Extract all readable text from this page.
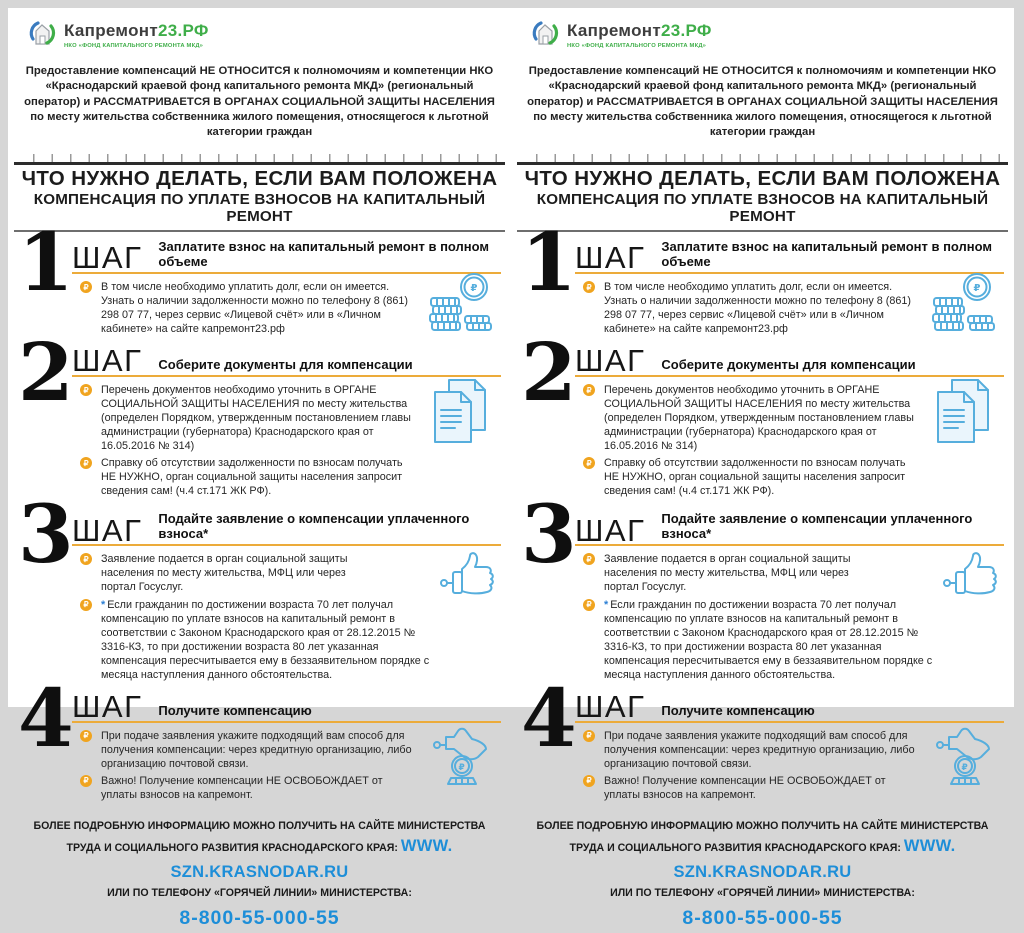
Капремонт23.РФ
НКО «ФОНД КАПИТАЛЬНОГО РЕМОНТА МКД»
Предоставление компенсаций НЕ ОТНОСИТСЯ к полномочиям и компетенции НКО «Краснодарский краевой фонд капитального ремонта МКД» (региональный оператор) и РАССМАТРИВАЕТСЯ В ОРГАНАХ СОЦИАЛЬНОЙ ЗАЩИТЫ НАСЕЛЕНИЯ по месту жительства собственника жилого помещения, относящегося к льготной категории граждан
ЧТО НУЖНО ДЕЛАТЬ, ЕСЛИ ВАМ ПОЛОЖЕНА
КОМПЕНСАЦИЯ ПО УПЛАТЕ ВЗНОСОВ НА КАПИТАЛЬНЫЙ РЕМОНТ
1
ШАГ Заплатите взнос на капитальный ремонт в полном объеме
₽	В том числе необходимо уплатить долг, если он имеется. Узнать о наличии задолженности можно по телефону 8 (861) 298 07 77, через сервис «Лицевой счёт» или в «Личном кабинете» на сайте капремонт23.рф
₽
2
ШАГ Соберите документы для компенсации
₽	Перечень документов необходимо уточнить в ОРГАНЕ СОЦИАЛЬНОЙ ЗАЩИТЫ НАСЕЛЕНИЯ по месту жительства (определен Порядком, утвержденным постановлением главы администрации (губернатора) Краснодарского края от 16.05.2016 № 314)
₽	Справку об отсутствии задолженности по взносам получать НЕ НУЖНО, орган социальной защиты населения запросит сведения сам! (ч.4 ст.171 ЖК РФ).
3
ШАГ Подайте заявление о компенсации уплаченного взноса*
₽	Заявление подается в орган социальной защиты населения по месту жительства, МФЦ или через портал Госуслуг.
₽	* Если гражданин по достижении возраста 70 лет получал компенсацию по уплате взносов на капитальный ремонт в соответствии с Законом Краснодарского края от 28.12.2015 № 3316-КЗ, то при достижении возраста 80 лет указанная компенсация пересчитывается ему в беззаявительном порядке с месяца наступления данного обстоятельства.
4
ШАГ Получите компенсацию
₽	При подаче заявления укажите подходящий вам способ для получения компенсации: через кредитную организацию, либо организацию почтовой связи.
₽	Важно! Получение компенсации НЕ ОСВОБОЖДАЕТ от уплаты взносов на капремонт.
₽
БОЛЕЕ ПОДРОБНУЮ ИНФОРМАЦИЮ МОЖНО ПОЛУЧИТЬ НА САЙТЕ МИНИСТЕРСТВА ТРУДА И СОЦИАЛЬНОГО РАЗВИТИЯ КРАСНОДАРСКОГО КРАЯ: WWW. SZN.KRASNODAR.RU
ИЛИ ПО ТЕЛЕФОНУ «ГОРЯЧЕЙ ЛИНИИ» МИНИСТЕРСТВА:
8-800-55-000-55
Капремонт23.РФ
НКО «ФОНД КАПИТАЛЬНОГО РЕМОНТА МКД»
Предоставление компенсаций НЕ ОТНОСИТСЯ к полномочиям и компетенции НКО «Краснодарский краевой фонд капитального ремонта МКД» (региональный оператор) и РАССМАТРИВАЕТСЯ В ОРГАНАХ СОЦИАЛЬНОЙ ЗАЩИТЫ НАСЕЛЕНИЯ по месту жительства собственника жилого помещения, относящегося к льготной категории граждан
ЧТО НУЖНО ДЕЛАТЬ, ЕСЛИ ВАМ ПОЛОЖЕНА
КОМПЕНСАЦИЯ ПО УПЛАТЕ ВЗНОСОВ НА КАПИТАЛЬНЫЙ РЕМОНТ
1
ШАГ Заплатите взнос на капитальный ремонт в полном объеме
₽	В том числе необходимо уплатить долг, если он имеется. Узнать о наличии задолженности можно по телефону 8 (861) 298 07 77, через сервис «Лицевой счёт» или в «Личном кабинете» на сайте капремонт23.рф
₽
2
ШАГ Соберите документы для компенсации
₽	Перечень документов необходимо уточнить в ОРГАНЕ СОЦИАЛЬНОЙ ЗАЩИТЫ НАСЕЛЕНИЯ по месту жительства (определен Порядком, утвержденным постановлением главы администрации (губернатора) Краснодарского края от 16.05.2016 № 314)
₽	Справку об отсутствии задолженности по взносам получать НЕ НУЖНО, орган социальной защиты населения запросит сведения сам! (ч.4 ст.171 ЖК РФ).
3
ШАГ Подайте заявление о компенсации уплаченного взноса*
₽	Заявление подается в орган социальной защиты населения по месту жительства, МФЦ или через портал Госуслуг.
₽	* Если гражданин по достижении возраста 70 лет получал компенсацию по уплате взносов на капитальный ремонт в соответствии с Законом Краснодарского края от 28.12.2015 № 3316-КЗ, то при достижении возраста 80 лет указанная компенсация пересчитывается ему в беззаявительном порядке с месяца наступления данного обстоятельства.
4
ШАГ Получите компенсацию
₽	При подаче заявления укажите подходящий вам способ для получения компенсации: через кредитную организацию, либо организацию почтовой связи.
₽	Важно! Получение компенсации НЕ ОСВОБОЖДАЕТ от уплаты взносов на капремонт.
₽
БОЛЕЕ ПОДРОБНУЮ ИНФОРМАЦИЮ МОЖНО ПОЛУЧИТЬ НА САЙТЕ МИНИСТЕРСТВА ТРУДА И СОЦИАЛЬНОГО РАЗВИТИЯ КРАСНОДАРСКОГО КРАЯ: WWW. SZN.KRASNODAR.RU
ИЛИ ПО ТЕЛЕФОНУ «ГОРЯЧЕЙ ЛИНИИ» МИНИСТЕРСТВА:
8-800-55-000-55
